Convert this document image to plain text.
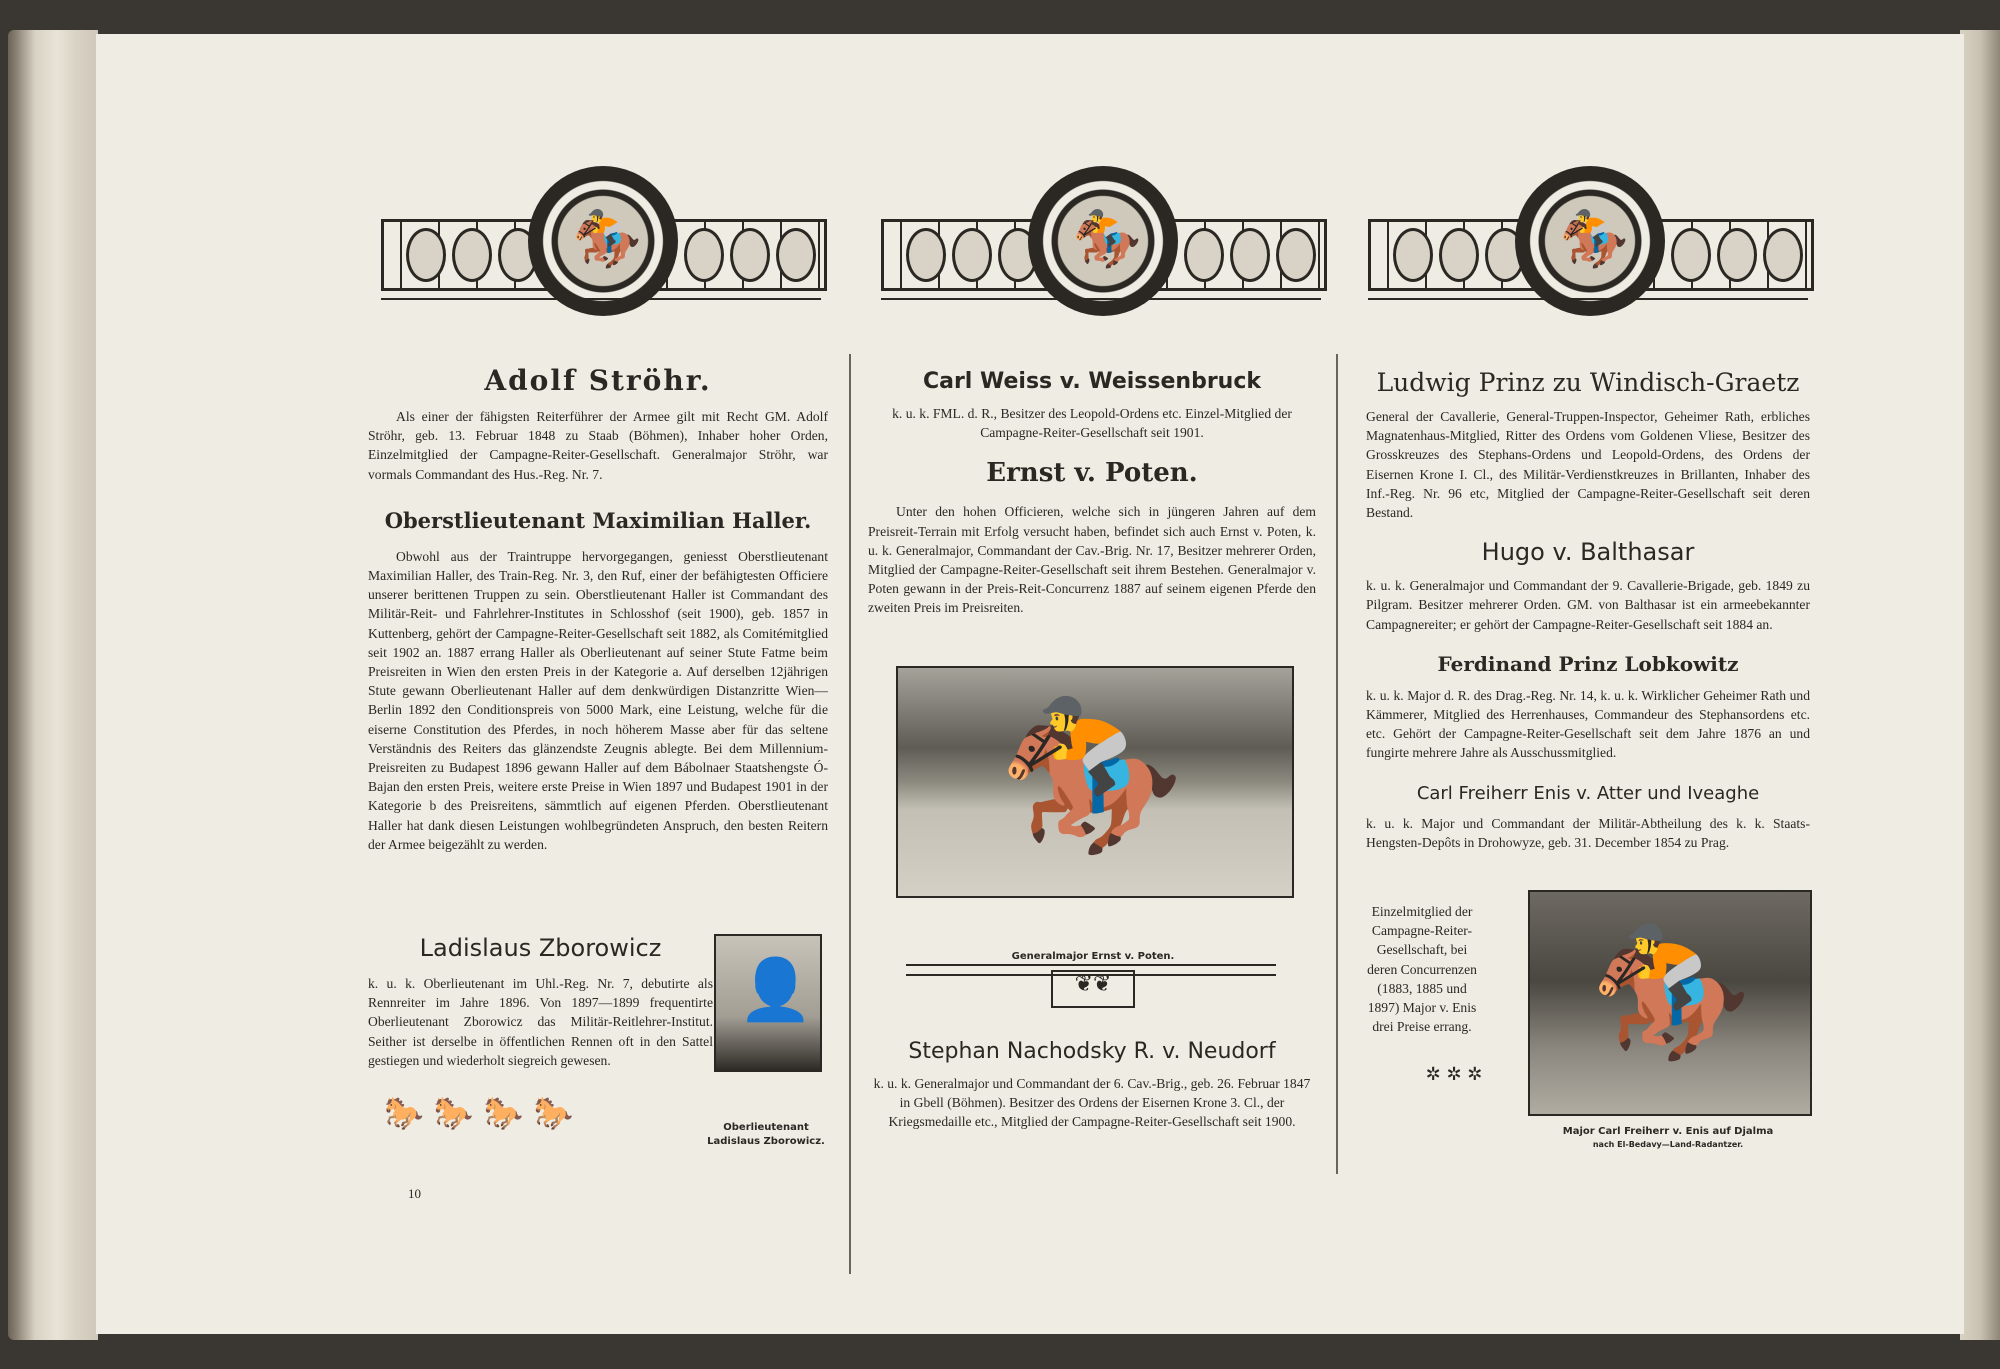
🏇	🏇	🏇
Adolf Ströhr.

Als einer der fähigsten Reiterführer der Armee gilt mit Recht GM. Adolf Ströhr, geb. 13. Februar 1848 zu Staab (Böhmen), Inhaber hoher Orden, Einzelmitglied der Campagne-Reiter-Gesellschaft. Generalmajor Ströhr, war vormals Commandant des Hus.-Reg. Nr. 7.

Oberstlieutenant Maximilian Haller.

Obwohl aus der Traintruppe hervorgegangen, geniesst Oberstlieutenant Maximilian Haller, des Train-Reg. Nr. 3, den Ruf, einer der befähigtesten Officiere unserer berittenen Truppen zu sein. Oberstlieutenant Haller ist Commandant des Militär-Reit- und Fahrlehrer-Institutes in Schlosshof (seit 1900), geb. 1857 in Kuttenberg, gehört der Campagne-Reiter-Gesellschaft seit 1882, als Comitémitglied seit 1902 an. 1887 errang Haller als Oberlieutenant auf seiner Stute Fatme beim Preisreiten in Wien den ersten Preis in der Kategorie a. Auf derselben 12jährigen Stute gewann Oberlieutenant Haller auf dem denkwürdigen Distanzritte Wien—Berlin 1892 den Conditionspreis von 5000 Mark, eine Leistung, welche für die eiserne Constitution des Pferdes, in noch höherem Masse aber für das seltene Verständnis des Reiters das glänzendste Zeugnis ablegte. Bei dem Millennium-Preisreiten zu Budapest 1896 gewann Haller auf dem Bábolnaer Staatshengste Ó-Bajan den ersten Preis, weitere erste Preise in Wien 1897 und Budapest 1901 in der Kategorie b des Preisreitens, sämmtlich auf eigenen Pferden. Oberstlieutenant Haller hat dank diesen Leistungen wohlbegründeten Anspruch, den besten Reitern der Armee beigezählt zu werden.

Ladislaus Zborowicz

k. u. k. Oberlieutenant im Uhl.-Reg. Nr. 7, debutirte als Rennreiter im Jahre 1896. Von 1897—1899 frequentirte Oberlieutenant Zborowicz das Militär-Reitlehrer-Institut. Seither ist derselbe in öffentlichen Rennen oft in den Sattel gestiegen und wiederholt siegreich gewesen.

🐎🐎🐎🐎
👤
Oberlieutenant
Ladislaus Zborowicz.
10
Carl Weiss v. Weissenbruck

k. u. k. FML. d. R., Besitzer des Leopold-Ordens etc. Einzel-Mitglied der Campagne-Reiter-Gesellschaft seit 1901.

Ernst v. Poten.

Unter den hohen Officieren, welche sich in jüngeren Jahren auf dem Preisreit-Terrain mit Erfolg versucht haben, befindet sich auch Ernst v. Poten, k. u. k. Generalmajor, Commandant der Cav.-Brig. Nr. 17, Besitzer mehrerer Orden, Mitglied der Campagne-Reiter-Gesellschaft seit ihrem Bestehen. Generalmajor v. Poten gewann in der Preis-Reit-Concurrenz 1887 auf seinem eigenen Pferde den zweiten Preis im Preisreiten.

🏇
Generalmajor Ernst v. Poten.
❦❦
Stephan Nachodsky R. v. Neudorf

k. u. k. Generalmajor und Commandant der 6. Cav.-Brig., geb. 26. Februar 1847 in Gbell (Böhmen). Besitzer des Ordens der Eisernen Krone 3. Cl., der Kriegsmedaille etc., Mitglied der Campagne-Reiter-Gesellschaft seit 1900.

Ludwig Prinz zu Windisch-Graetz

General der Cavallerie, General-Truppen-Inspector, Geheimer Rath, erbliches Magnatenhaus-Mitglied, Ritter des Ordens vom Goldenen Vliese, Besitzer des Grosskreuzes des Stephans-Ordens und Leopold-Ordens, des Ordens der Eisernen Krone I. Cl., des Militär-Verdienstkreuzes in Brillanten, Inhaber des Inf.-Reg. Nr. 96 etc, Mitglied der Campagne-Reiter-Gesellschaft seit deren Bestand.

Hugo v. Balthasar

k. u. k. Generalmajor und Commandant der 9. Cavallerie-Brigade, geb. 1849 zu Pilgram. Besitzer mehrerer Orden. GM. von Balthasar ist ein armeebekannter Campagnereiter; er gehört der Campagne-Reiter-Gesellschaft seit 1884 an.

Ferdinand Prinz Lobkowitz

k. u. k. Major d. R. des Drag.-Reg. Nr. 14, k. u. k. Wirklicher Geheimer Rath und Kämmerer, Mitglied des Herrenhauses, Commandeur des Stephansordens etc. etc. Gehört der Campagne-Reiter-Gesellschaft seit dem Jahre 1876 an und fungirte mehrere Jahre als Ausschussmitglied.

Carl Freiherr Enis v. Atter und Iveaghe

k. u. k. Major und Commandant der Militär-Abtheilung des k. k. Staats-Hengsten-Depôts in Drohowyze, geb. 31. December 1854 zu Prag.

Einzelmitglied der Campagne-Reiter-Gesellschaft, bei deren Concurrenzen (1883, 1885 und 1897) Major v. Enis drei Preise errang. 🏇
✲ ✲ ✲
Major Carl Freiherr v. Enis auf Djalma
nach El-Bedavy—Land-Radantzer.
